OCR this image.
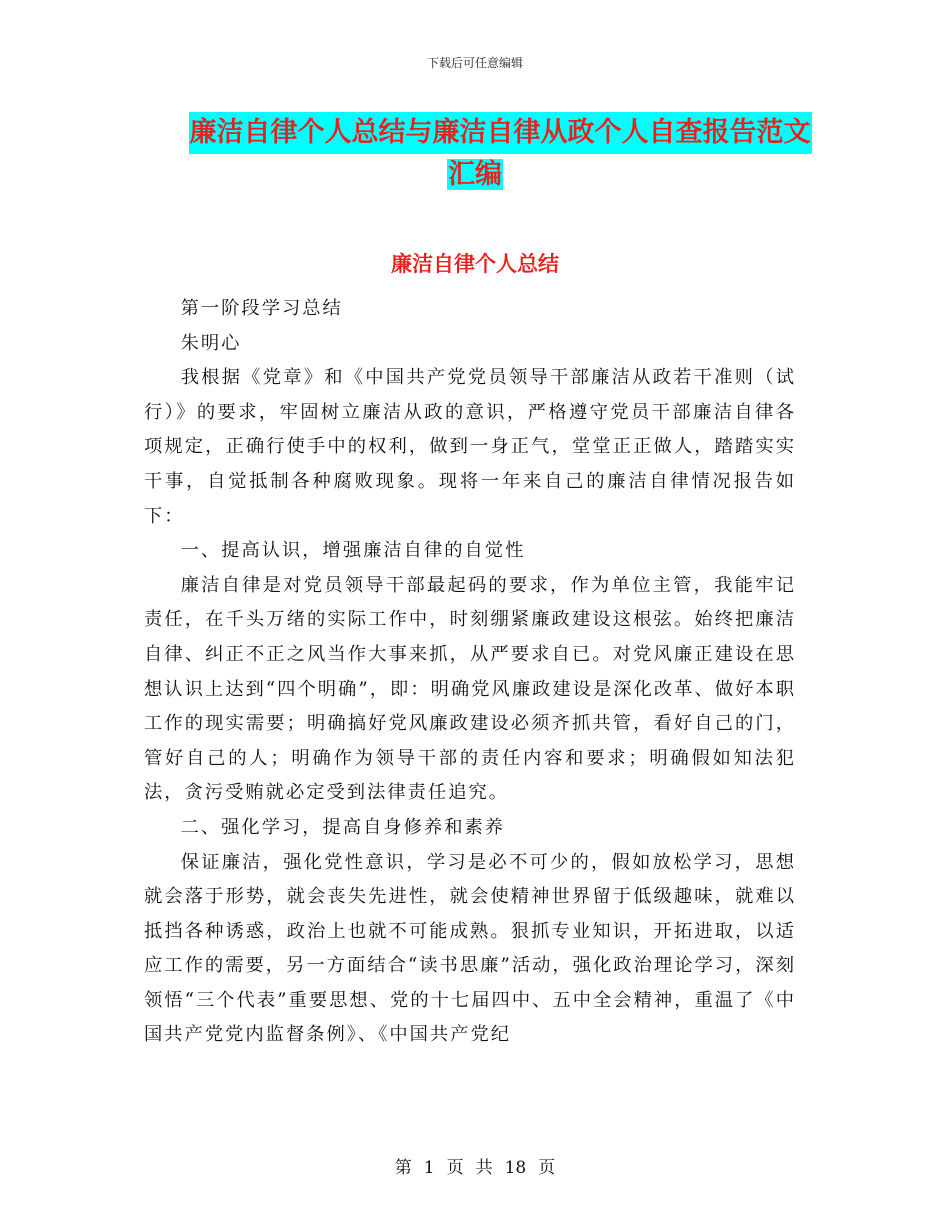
下载后可任意编辑
廉洁自律个人总结与廉洁自律从政个人自查报告范文
汇编
廉洁自律个人总结

第一阶段学习总结

朱明心

我根据《党章》和《中国共产党党员领导干部廉洁从政若干准则（试行）》的要求，牢固树立廉洁从政的意识，严格遵守党员干部廉洁自律各项规定，正确行使手中的权利，做到一身正气，堂堂正正做人，踏踏实实干事，自觉抵制各种腐败现象。现将一年来自己的廉洁自律情况报告如下：

一、提高认识，增强廉洁自律的自觉性

廉洁自律是对党员领导干部最起码的要求，作为单位主管，我能牢记责任，在千头万绪的实际工作中，时刻绷紧廉政建设这根弦。始终把廉洁自律、纠正不正之风当作大事来抓，从严要求自已。对党风廉正建设在思想认识上达到“四个明确”，即：明确党风廉政建设是深化改革、做好本职工作的现实需要；明确搞好党风廉政建设必须齐抓共管，看好自己的门，管好自己的人；明确作为领导干部的责任内容和要求；明确假如知法犯法，贪污受贿就必定受到法律责任追究。

二、强化学习，提高自身修养和素养

保证廉洁，强化党性意识，学习是必不可少的，假如放松学习，思想就会落于形势，就会丧失先进性，就会使精神世界留于低级趣味，就难以抵挡各种诱惑，政治上也就不可能成熟。狠抓专业知识，开拓进取，以适应工作的需要，另一方面结合“读书思廉”活动，强化政治理论学习，深刻领悟“三个代表”重要思想、党的十七届四中、五中全会精神，重温了《中国共产党党内监督条例》、《中国共产党纪

第 1 页 共 18 页
